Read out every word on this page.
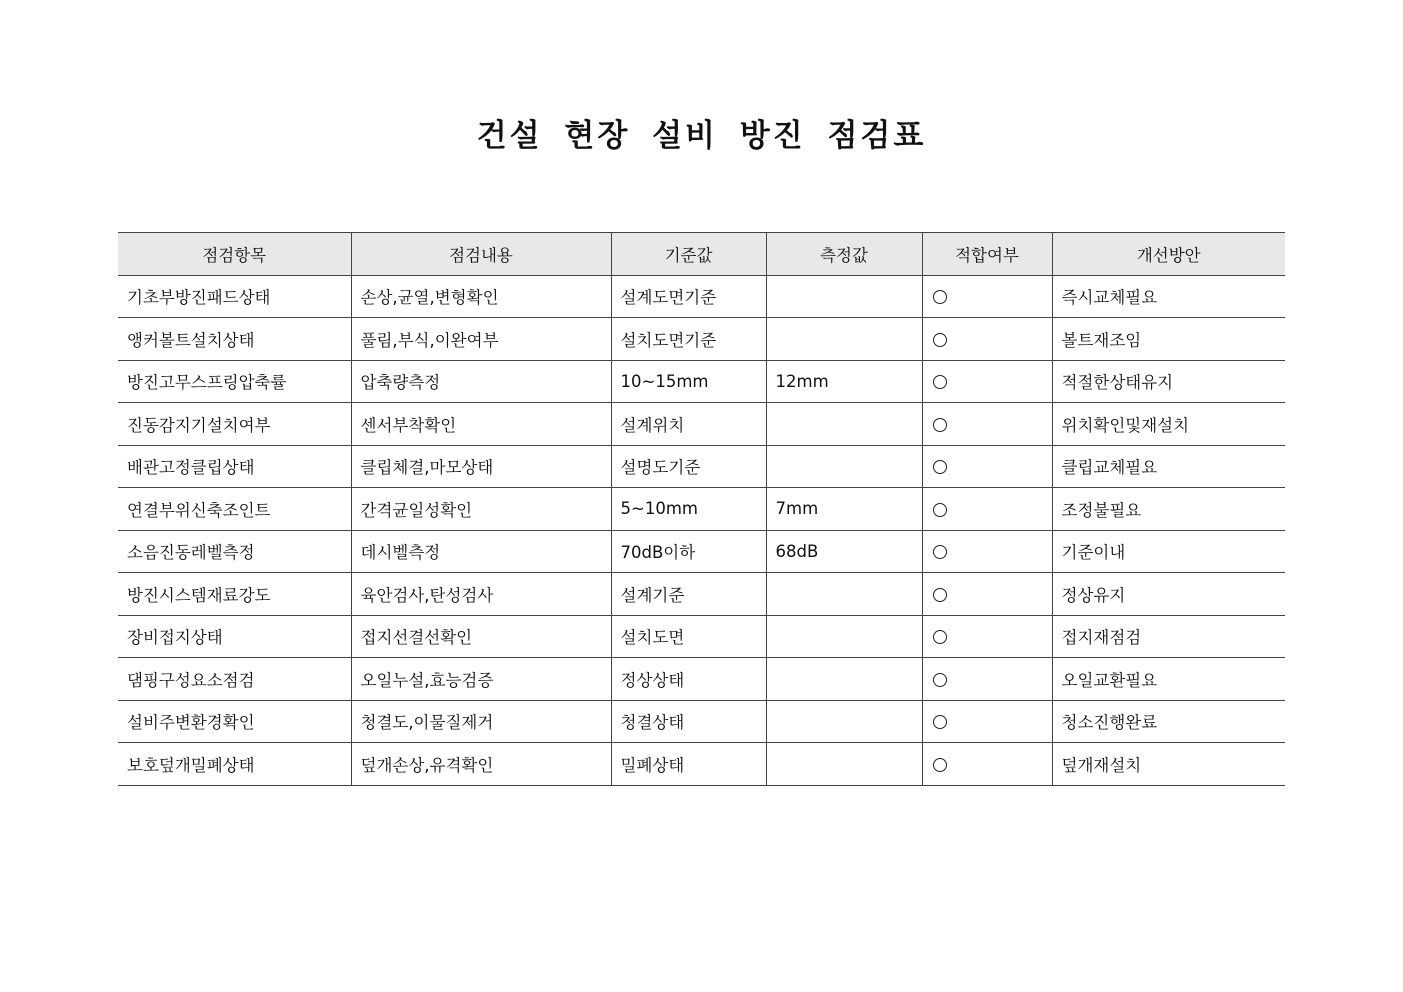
건설 현장 설비 방진 점검표
점검항목	점검내용	기준값	측정값	적합여부	개선방안
기초부방진패드상태	손상,균열,변형확인	설계도면기준			즉시교체필요
앵커볼트설치상태	풀림,부식,이완여부	설치도면기준			볼트재조임
방진고무스프링압축률	압축량측정	10~15mm	12mm		적절한상태유지
진동감지기설치여부	센서부착확인	설계위치			위치확인및재설치
배관고정클립상태	클립체결,마모상태	설명도기준			클립교체필요
연결부위신축조인트	간격균일성확인	5~10mm	7mm		조정불필요
소음진동레벨측정	데시벨측정	70dB이하	68dB		기준이내
방진시스템재료강도	육안검사,탄성검사	설계기준			정상유지
장비접지상태	접지선결선확인	설치도면			접지재점검
댐핑구성요소점검	오일누설,효능검증	정상상태			오일교환필요
설비주변환경확인	청결도,이물질제거	청결상태			청소진행완료
보호덮개밀폐상태	덮개손상,유격확인	밀폐상태			덮개재설치
